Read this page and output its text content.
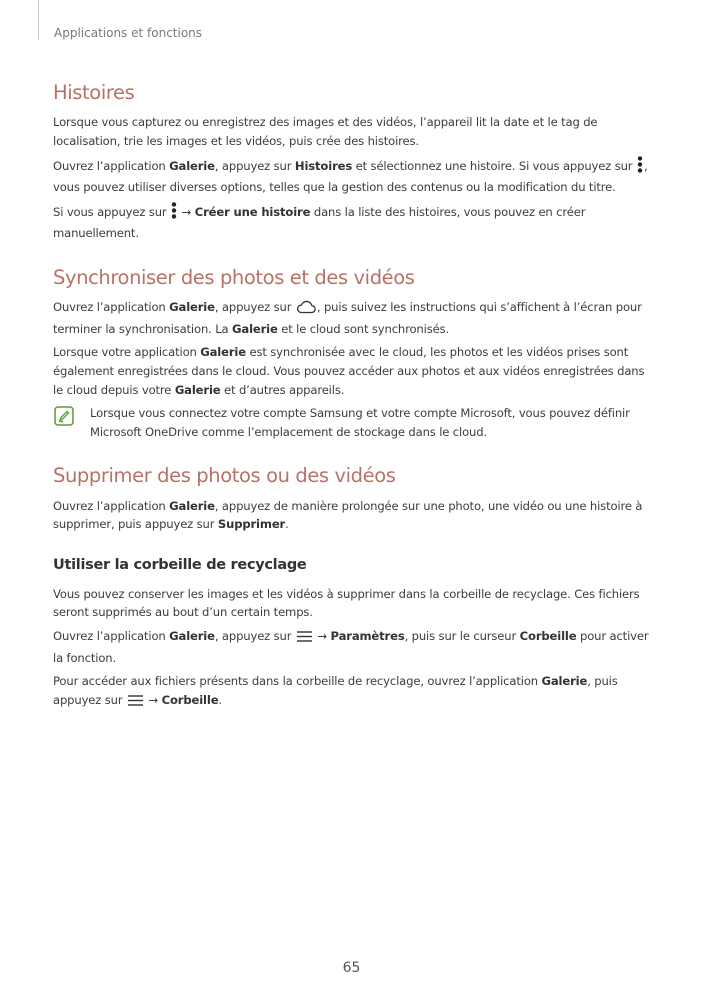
Applications et fonctions
Histoires

Lorsque vous capturez ou enregistrez des images et des vidéos, l’appareil lit la date et le tag de localisation, trie les images et les vidéos, puis crée des histoires.

Ouvrez l’application Galerie, appuyez sur Histoires et sélectionnez une histoire. Si vous appuyez sur , vous pouvez utiliser diverses options, telles que la gestion des contenus ou la modification du titre.

Si vous appuyez sur  → Créer une histoire dans la liste des histoires, vous pouvez en créer manuellement.

Synchroniser des photos et des vidéos

Ouvrez l’application Galerie, appuyez sur , puis suivez les instructions qui s’affichent à l’écran pour terminer la synchronisation. La Galerie et le cloud sont synchronisés.

Lorsque votre application Galerie est synchronisée avec le cloud, les photos et les vidéos prises sont également enregistrées dans le cloud. Vous pouvez accéder aux photos et aux vidéos enregistrées dans le cloud depuis votre Galerie et d’autres appareils.

Lorsque vous connectez votre compte Samsung et votre compte Microsoft, vous pouvez définir Microsoft OneDrive comme l’emplacement de stockage dans le cloud.

Supprimer des photos ou des vidéos

Ouvrez l’application Galerie, appuyez de manière prolongée sur une photo, une vidéo ou une histoire à supprimer, puis appuyez sur Supprimer.

Utiliser la corbeille de recyclage

Vous pouvez conserver les images et les vidéos à supprimer dans la corbeille de recyclage. Ces fichiers seront supprimés au bout d’un certain temps.

Ouvrez l’application Galerie, appuyez sur  → Paramètres, puis sur le curseur Corbeille pour activer la fonction.

Pour accéder aux fichiers présents dans la corbeille de recyclage, ouvrez l’application Galerie, puis appuyez sur  → Corbeille.

65
